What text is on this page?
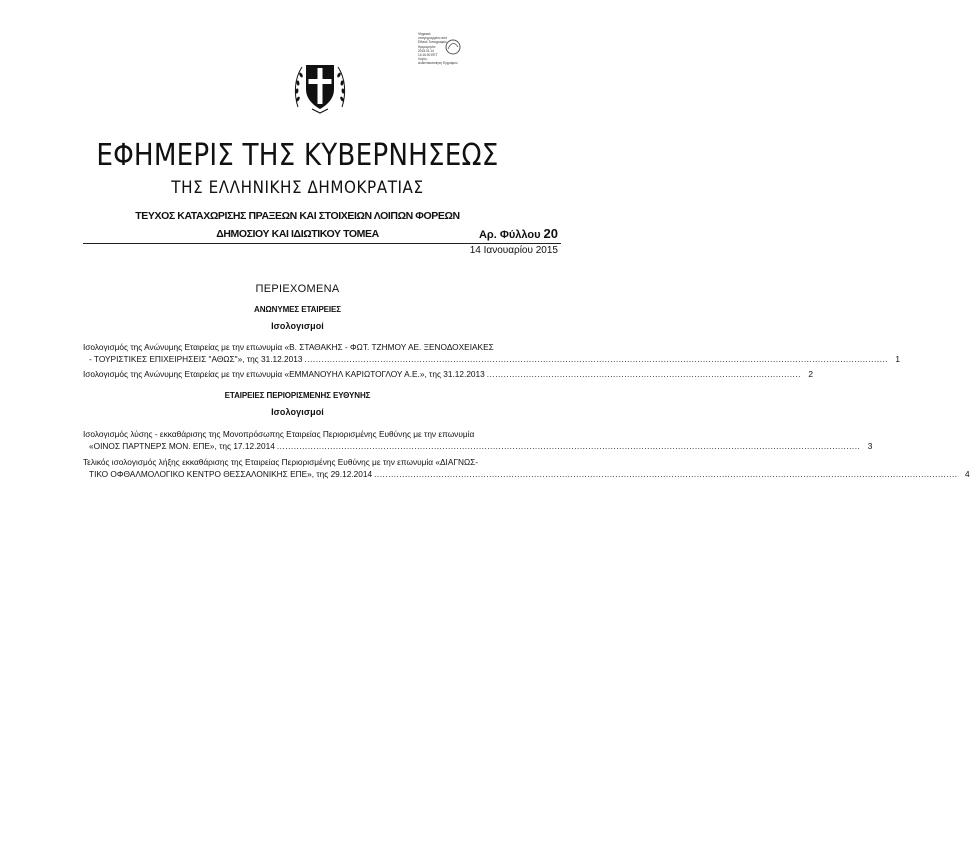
Ψηφιακά
υπογεγραμμένο από
Εθνικό Τυπογραφείο
Ημερομηνία:
2015.01.14
14:16:00 EET
Λόγος:
Αυθεντικοποίηση Εγγράφου
ΕΦΗΜΕΡΙΣ ΤΗΣ ΚΥΒΕΡΝΗΣΕΩΣ
ΤΗΣ ΕΛΛΗΝΙΚΗΣ ΔΗΜΟΚΡΑΤΙΑΣ
ΤΕΥΧΟΣ ΚΑΤΑΧΩΡΙΣΗΣ ΠΡΑΞΕΩΝ ΚΑΙ ΣΤΟΙΧΕΙΩΝ ΛΟΙΠΩΝ ΦΟΡΕΩΝ
ΔΗΜΟΣΙΟΥ ΚΑΙ ΙΔΙΩΤΙΚΟΥ ΤΟΜΕΑ	Αρ. Φύλλου 20
14 Ιανουαρίου 2015
ΠΕΡΙΕΧΟΜΕΝΑ
ΑΝΩΝΥΜΕΣ ΕΤΑΙΡΕΙΕΣ
Ισολογισμοί
Ισολογισμός της Ανώνυμης Εταιρείας με την επωνυμία «Β. ΣΤΑΘΑΚΗΣ - ΦΩΤ. ΤΖΗΜΟΥ ΑΕ. ΞΕΝΟΔΟΧΕΙΑΚΕΣ
- ΤΟΥΡΙΣΤΙΚΕΣ ΕΠΙΧΕΙΡΗΣΕΙΣ "ΑΘΩΣ"», της 31.12.2013 ................................................................................................................................................................................................................ 1
Ισολογισμός της Ανώνυμης Εταιρείας με την επωνυμία «ΕΜΜΑΝΟΥΗΛ ΚΑΡΙΩΤΟΓΛΟΥ Α.Ε.», της 31.12.2013 ................................................................................................................ 2
ΕΤΑΙΡΕΙΕΣ ΠΕΡΙΟΡΙΣΜΕΝΗΣ ΕΥΘΥΝΗΣ
Ισολογισμοί
Ισολογισμός λύσης - εκκαθάρισης της Μονοπρόσωπης Εταιρείας Περιορισμένης Ευθύνης με την επωνυμία
«ΟΙΝΟΣ ΠΑΡΤΝΕΡΣ ΜΟΝ. ΕΠΕ», της 17.12.2014 ................................................................................................................................................................................................................ 3
Τελικός ισολογισμός λήξης εκκαθάρισης της Εταιρείας Περιορισμένης Ευθύνης με την επωνυμία «ΔΙΑΓΝΩΣ-
ΤΙΚΟ ΟΦΘΑΛΜΟΛΟΓΙΚΟ ΚΕΝΤΡΟ ΘΕΣΣΑΛΟΝΙΚΗΣ ΕΠΕ», της 29.12.2014 ................................................................................................................................................................................................................ 4
